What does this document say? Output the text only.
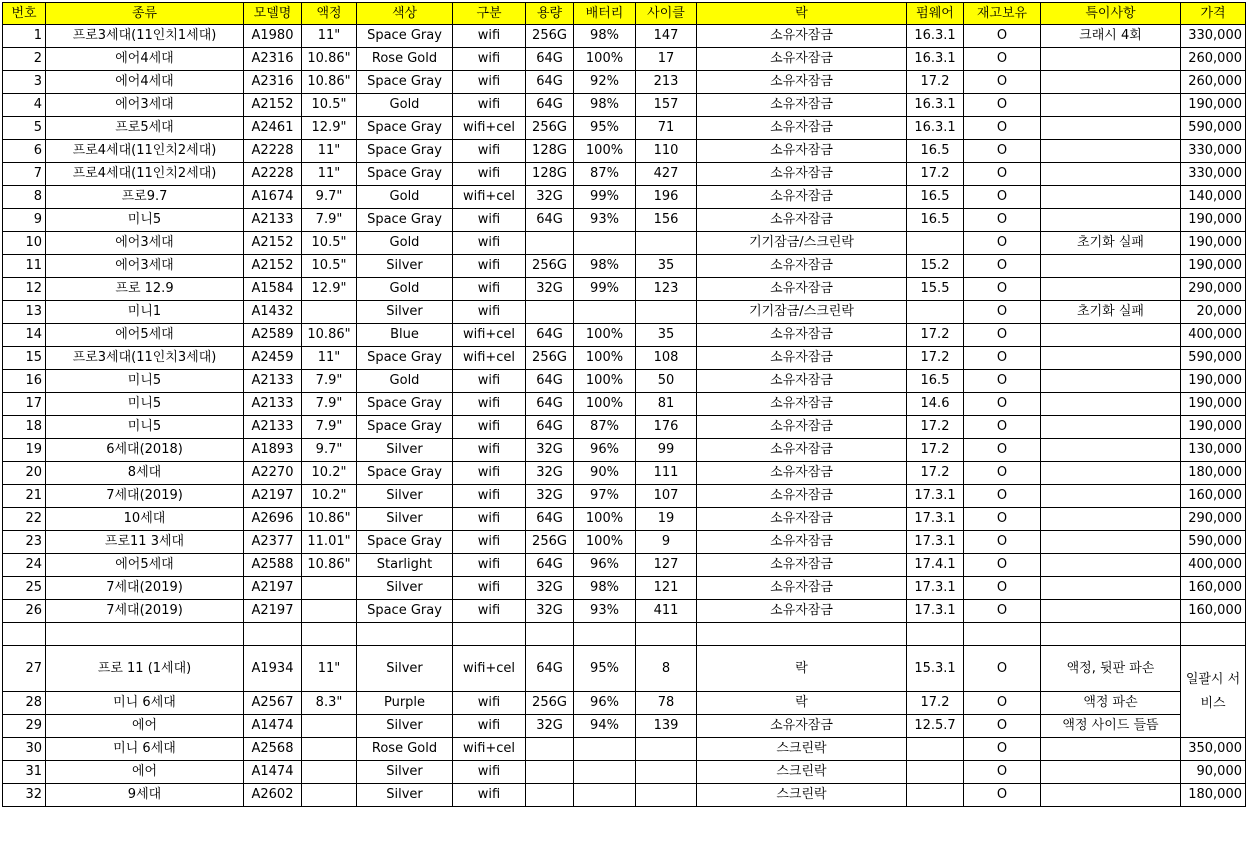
번호	종류	모델명	액정	색상	구분	용량	배터리	사이클	락	펌웨어	재고보유	특이사항	가격
1	프로3세대(11인치1세대)	A1980	11"	Space Gray	wifi	256G	98%	147	소유자잠금	16.3.1	O	크래시 4회	330,000
2	에어4세대	A2316	10.86"	Rose Gold	wifi	64G	100%	17	소유자잠금	16.3.1	O		260,000
3	에어4세대	A2316	10.86"	Space Gray	wifi	64G	92%	213	소유자잠금	17.2	O		260,000
4	에어3세대	A2152	10.5"	Gold	wifi	64G	98%	157	소유자잠금	16.3.1	O		190,000
5	프로5세대	A2461	12.9"	Space Gray	wifi+cel	256G	95%	71	소유자잠금	16.3.1	O		590,000
6	프로4세대(11인치2세대)	A2228	11"	Space Gray	wifi	128G	100%	110	소유자잠금	16.5	O		330,000
7	프로4세대(11인치2세대)	A2228	11"	Space Gray	wifi	128G	87%	427	소유자잠금	17.2	O		330,000
8	프로9.7	A1674	9.7"	Gold	wifi+cel	32G	99%	196	소유자잠금	16.5	O		140,000
9	미니5	A2133	7.9"	Space Gray	wifi	64G	93%	156	소유자잠금	16.5	O		190,000
10	에어3세대	A2152	10.5"	Gold	wifi				기기잠금/스크린락		O	초기화 실패	190,000
11	에어3세대	A2152	10.5"	Silver	wifi	256G	98%	35	소유자잠금	15.2	O		190,000
12	프로 12.9	A1584	12.9"	Gold	wifi	32G	99%	123	소유자잠금	15.5	O		290,000
13	미니1	A1432		Silver	wifi				기기잠금/스크린락		O	초기화 실패	20,000
14	에어5세대	A2589	10.86"	Blue	wifi+cel	64G	100%	35	소유자잠금	17.2	O		400,000
15	프로3세대(11인치3세대)	A2459	11"	Space Gray	wifi+cel	256G	100%	108	소유자잠금	17.2	O		590,000
16	미니5	A2133	7.9"	Gold	wifi	64G	100%	50	소유자잠금	16.5	O		190,000
17	미니5	A2133	7.9"	Space Gray	wifi	64G	100%	81	소유자잠금	14.6	O		190,000
18	미니5	A2133	7.9"	Space Gray	wifi	64G	87%	176	소유자잠금	17.2	O		190,000
19	6세대(2018)	A1893	9.7"	Silver	wifi	32G	96%	99	소유자잠금	17.2	O		130,000
20	8세대	A2270	10.2"	Space Gray	wifi	32G	90%	111	소유자잠금	17.2	O		180,000
21	7세대(2019)	A2197	10.2"	Silver	wifi	32G	97%	107	소유자잠금	17.3.1	O		160,000
22	10세대	A2696	10.86"	Silver	wifi	64G	100%	19	소유자잠금	17.3.1	O		290,000
23	프로11 3세대	A2377	11.01"	Space Gray	wifi	256G	100%	9	소유자잠금	17.3.1	O		590,000
24	에어5세대	A2588	10.86"	Starlight	wifi	64G	96%	127	소유자잠금	17.4.1	O		400,000
25	7세대(2019)	A2197		Silver	wifi	32G	98%	121	소유자잠금	17.3.1	O		160,000
26	7세대(2019)	A2197		Space Gray	wifi	32G	93%	411	소유자잠금	17.3.1	O		160,000

27	프로 11 (1세대)	A1934	11"	Silver	wifi+cel	64G	95%	8	락	15.3.1	O	액정, 뒷판 파손	일괄시 서비스
28	미니 6세대	A2567	8.3"	Purple	wifi	256G	96%	78	락	17.2	O	액정 파손	
29	에어	A1474		Silver	wifi	32G	94%	139	소유자잠금	12.5.7	O	액정 사이드 들뜸	
30	미니 6세대	A2568		Rose Gold	wifi+cel				스크린락		O		350,000
31	에어	A1474		Silver	wifi				스크린락		O		90,000
32	9세대	A2602		Silver	wifi				스크린락		O		180,000
